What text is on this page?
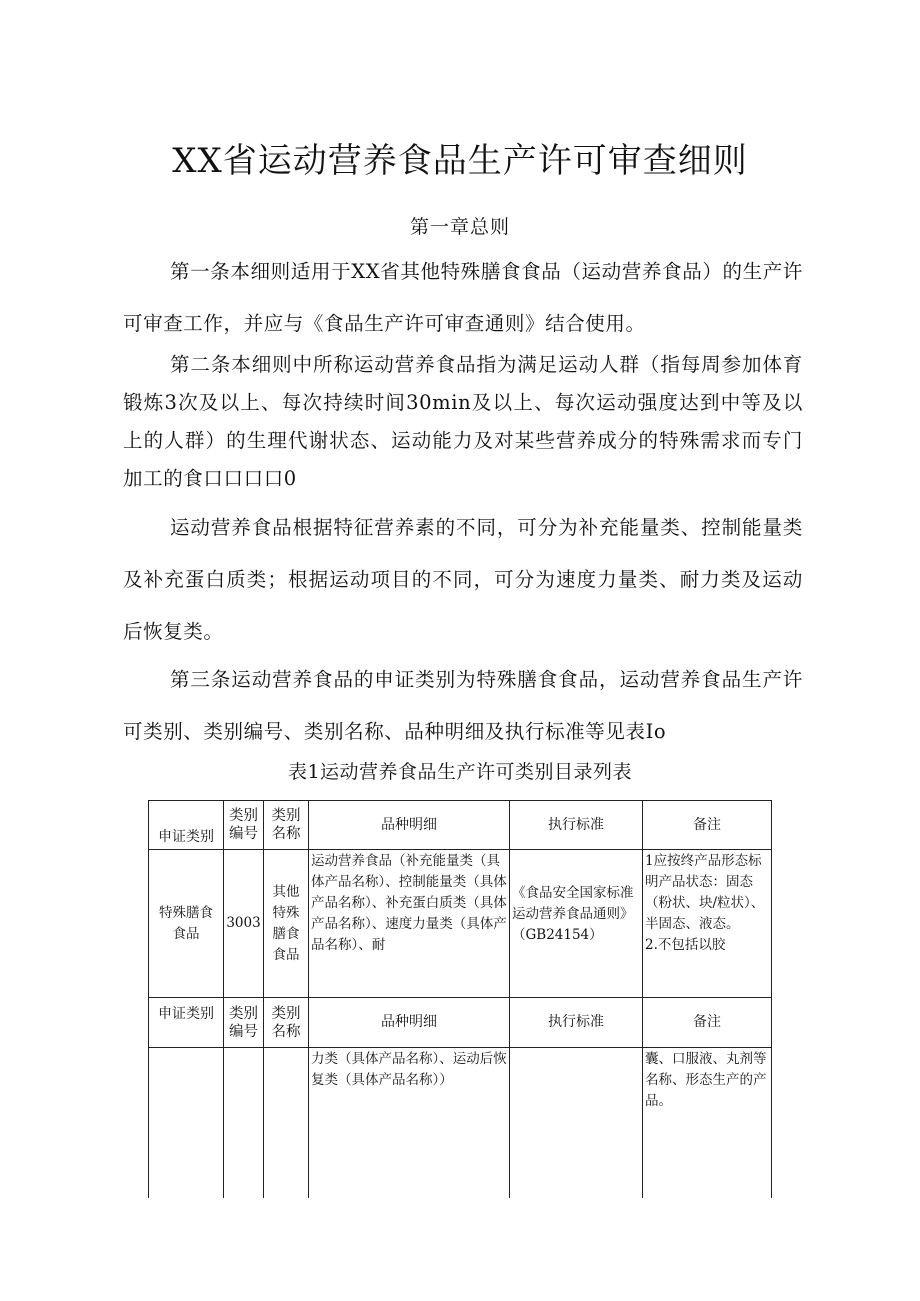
XX省运动营养食品生产许可审查细则
第一章总则

第一条本细则适用于XX省其他特殊膳食食品（运动营养食品）的生产许可审查工作，并应与《食品生产许可审查通则》结合使用。

第二条本细则中所称运动营养食品指为满足运动人群（指每周参加体育锻炼3次及以上、每次持续时间30min及以上、每次运动强度达到中等及以上的人群）的生理代谢状态、运动能力及对某些营养成分的特殊需求而专门加工的食口口口口0

运动营养食品根据特征营养素的不同，可分为补充能量类、控制能量类及补充蛋白质类；根据运动项目的不同，可分为速度力量类、耐力类及运动后恢复类。

第三条运动营养食品的申证类别为特殊膳食食品，运动营养食品生产许可类别、类别编号、类别名称、品种明细及执行标准等见表Io

表1运动营养食品生产许可类别目录列表
申证类别	类别编号	类别名称	品种明细	执行标准	备注
特殊膳食食品	3003	其他特殊膳食食品	运动营养食品（补充能量类（具体产品名称）、控制能量类（具体产品名称）、补充蛋白质类（具体产品名称）、速度力量类（具体产品名称）、耐	《食品安全国家标准运动营养食品通则》（GB24154）	1应按终产品形态标明产品状态：固态（粉状、块/粒状）、半固态、液态。
2.不包括以胶

申证类别	类别编号	类别名称	品种明细	执行标准	备注
			力类（具体产品名称）、运动后恢复类（具体产品名称））		囊、口服液、丸剂等名称、形态生产的产品。
